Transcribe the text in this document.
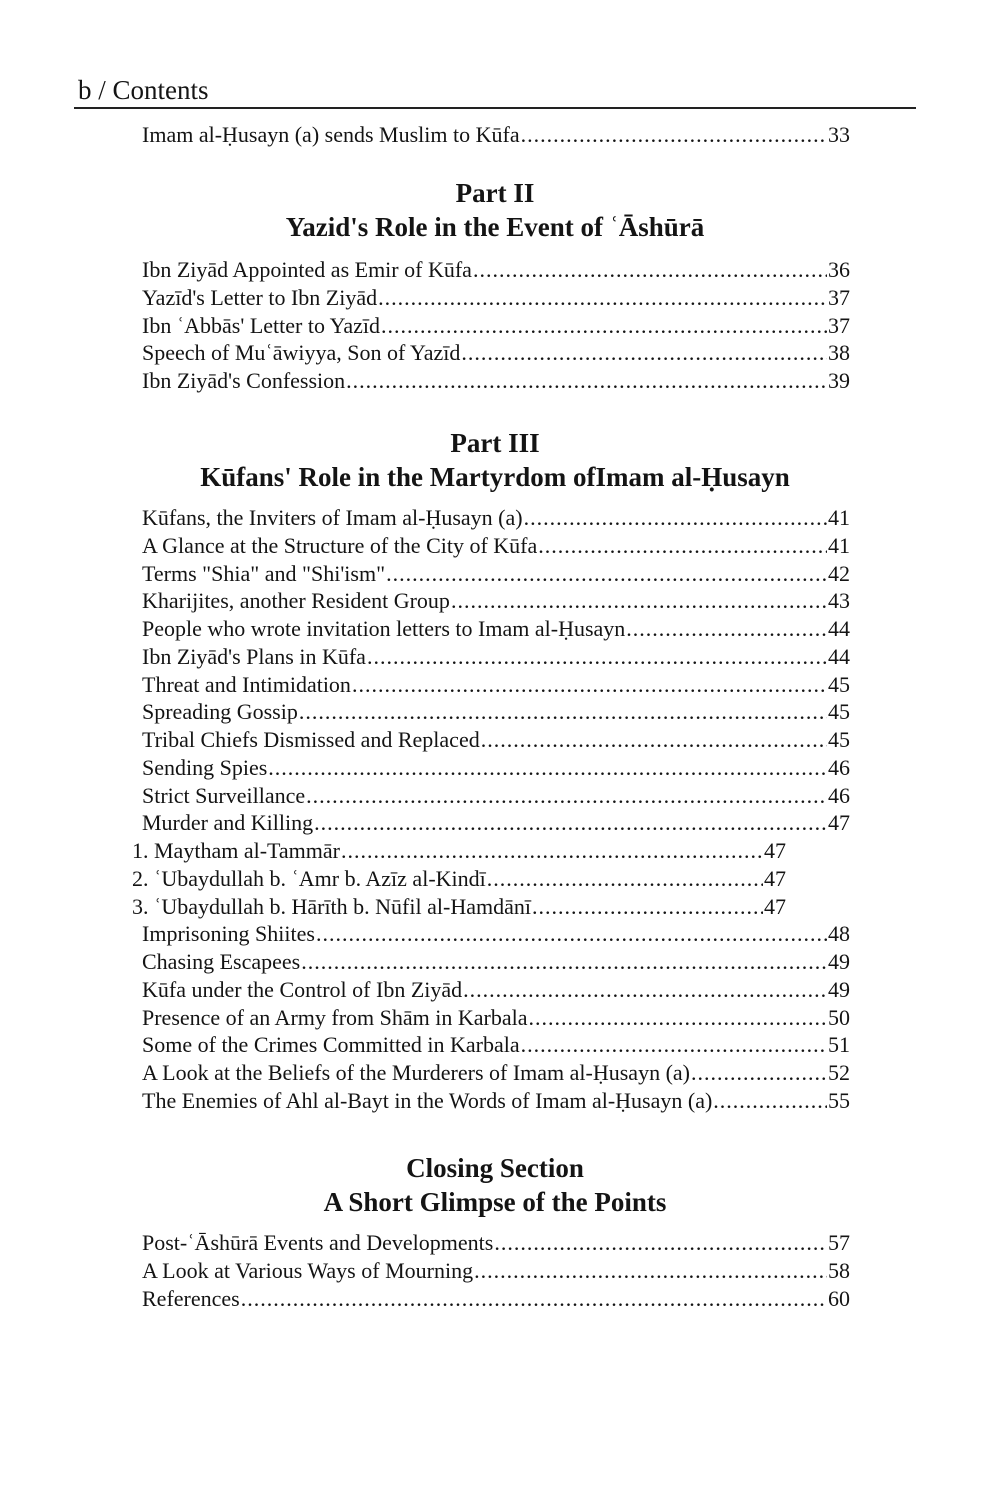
b / Contents
Imam al-Ḥusayn (a) sends Muslim to Kūfa .....	33
Part II
Yazid's Role in the Event of ʿĀshūrā
Ibn Ziyād Appointed as Emir of Kūfa .....	36
Yazīd's Letter to Ibn Ziyād .....	37
Ibn ʿAbbās' Letter to Yazīd .....	37
Speech of Muʿāwiyya, Son of Yazīd .....	38
Ibn Ziyād's Confession .....	39
Part III
Kūfans' Role in the Martyrdom ofImam al-Ḥusayn
Kūfans, the Inviters of Imam al-Ḥusayn (a) .....	41
A Glance at the Structure of the City of Kūfa .....	41
Terms "Shia" and "Shi'ism" .....	42
Kharijites, another Resident Group .....	43
People who wrote invitation letters to Imam al-Ḥusayn .....	44
Ibn Ziyād's Plans in Kūfa .....	44
Threat and Intimidation .....	45
Spreading Gossip .....	45
Tribal Chiefs Dismissed and Replaced .....	45
Sending Spies .....	46
Strict Surveillance .....	46
Murder and Killing .....	47
1. Maytham al-Tammār .....	47
2. ʿUbaydullah b. ʿAmr b. Azīz al-Kindī .....	47
3. ʿUbaydullah b. Hārīth b. Nūfil al-Hamdānī .....	47
Imprisoning Shiites .....	48
Chasing Escapees .....	49
Kūfa under the Control of Ibn Ziyād .....	49
Presence of an Army from Shām in Karbala .....	50
Some of the Crimes Committed in Karbala .....	51
A Look at the Beliefs of the Murderers of Imam al-Ḥusayn (a) .....	52
The Enemies of Ahl al-Bayt in the Words of Imam al-Ḥusayn (a) .....	55
Closing Section
A Short Glimpse of the Points
Post-ʿĀshūrā Events and Developments .....	57
A Look at Various Ways of Mourning .....	58
References .....	60
